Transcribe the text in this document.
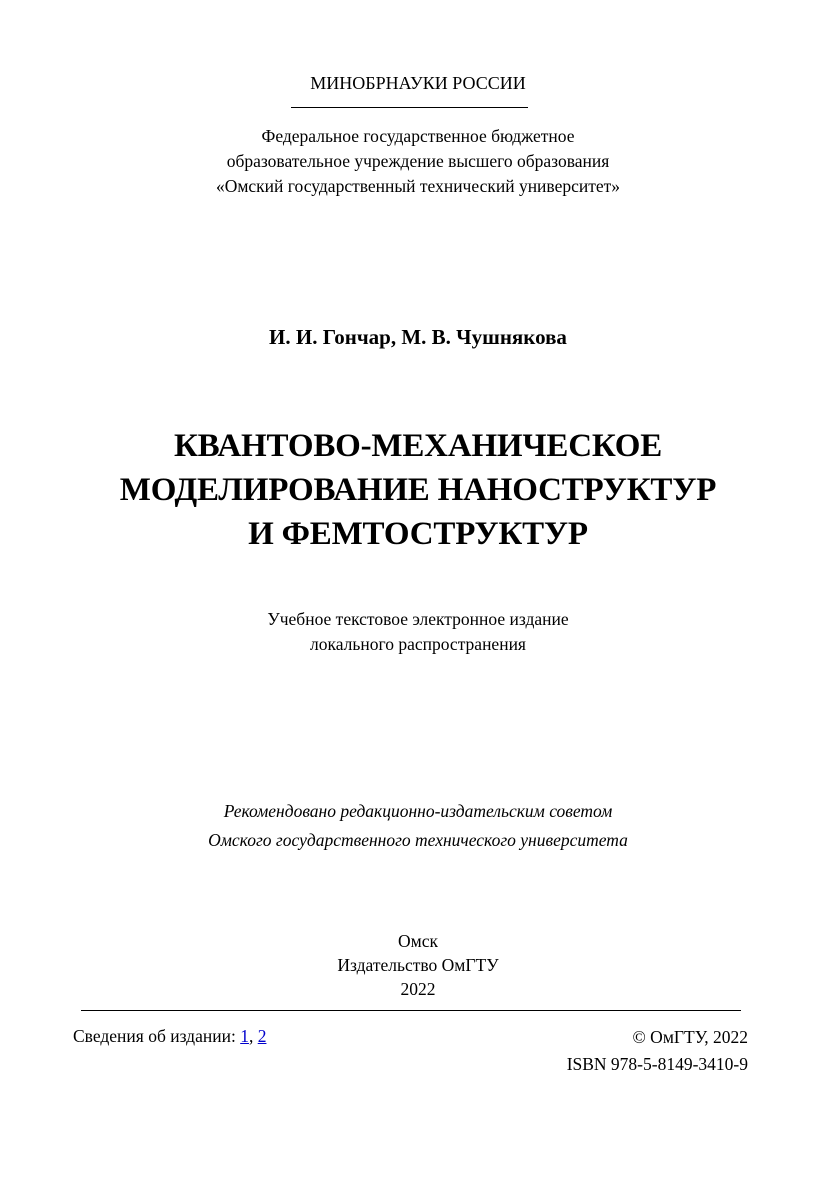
МИНОБРНАУКИ РОССИИ
Федеральное государственное бюджетное
образовательное учреждение высшего образования
«Омский государственный технический университет»
И. И. Гончар, М. В. Чушнякова
КВАНТОВО-МЕХАНИЧЕСКОЕ
МОДЕЛИРОВАНИЕ НАНОСТРУКТУР
И ФЕМТОСТРУКТУР
Учебное текстовое электронное издание
локального распространения
Рекомендовано редакционно-издательским советом
Омского государственного технического университета
Омск
Издательство ОмГТУ
2022
Сведения об издании: 1, 2	© ОмГТУ, 2022
ISBN 978-5-8149-3410-9
